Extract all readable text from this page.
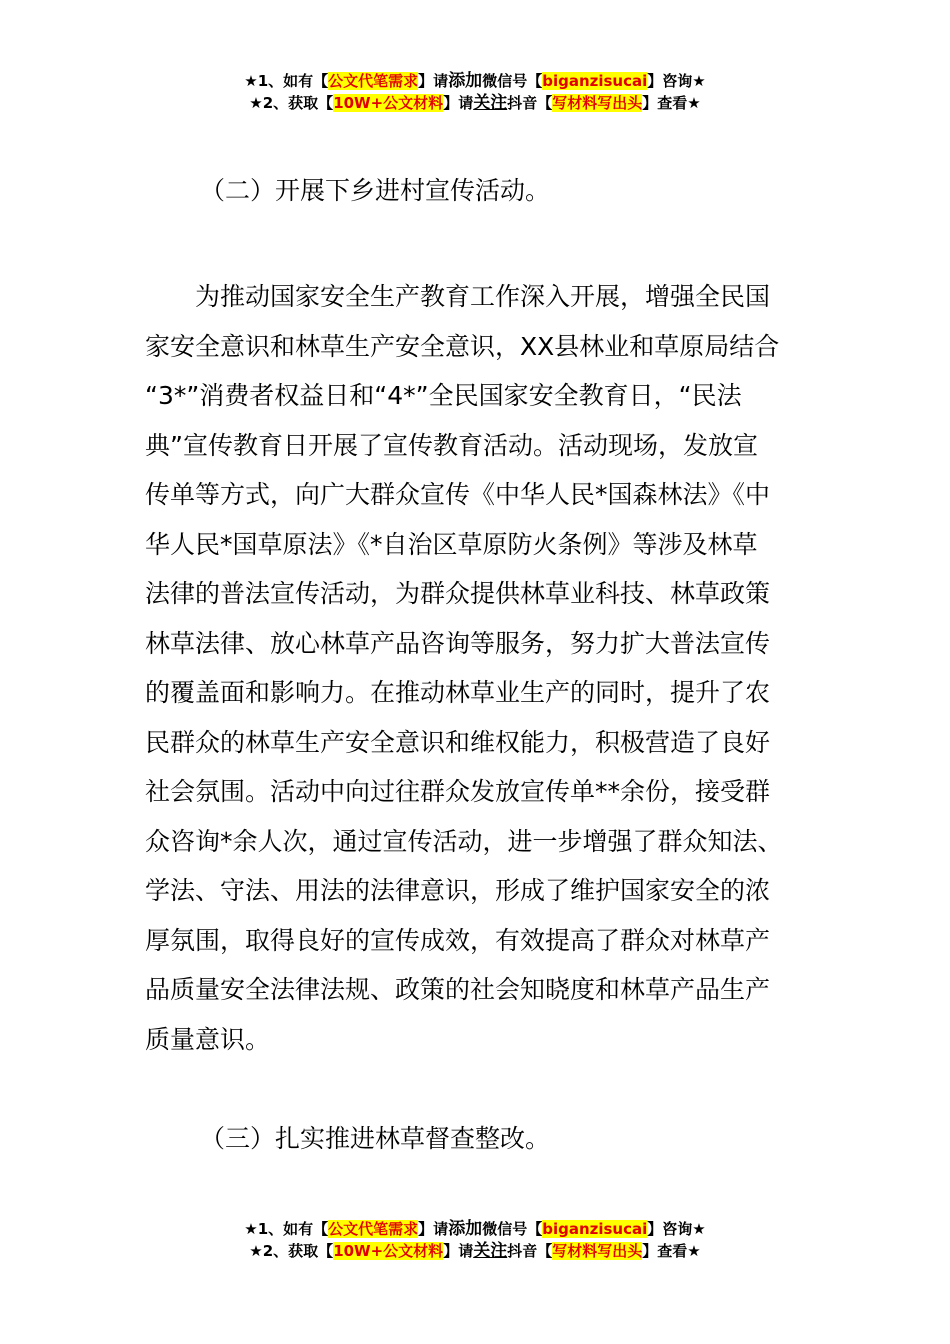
★1、如有【公文代笔需求】请添加微信号【biganzisucai】咨询★
★2、获取【10W+公文材料】请关注抖音【写材料写出头】查看★
（二）开展下乡进村宣传活动。
为推动国家安全生产教育工作深入开展，增强全民国
家安全意识和林草生产安全意识，XX县林业和草原局结合
“3*”消费者权益日和“4*”全民国家安全教育日，“民法
典”宣传教育日开展了宣传教育活动。活动现场，发放宣
传单等方式，向广大群众宣传《中华人民*国森林法》《中
华人民*国草原法》《*自治区草原防火条例》等涉及林草
法律的普法宣传活动，为群众提供林草业科技、林草政策
林草法律、放心林草产品咨询等服务，努力扩大普法宣传
的覆盖面和影响力。在推动林草业生产的同时，提升了农
民群众的林草生产安全意识和维权能力，积极营造了良好
社会氛围。活动中向过往群众发放宣传单**余份，接受群
众咨询*余人次，通过宣传活动，进一步增强了群众知法、
学法、守法、用法的法律意识，形成了维护国家安全的浓
厚氛围，取得良好的宣传成效，有效提高了群众对林草产
品质量安全法律法规、政策的社会知晓度和林草产品生产
质量意识。
（三）扎实推进林草督查整改。
★1、如有【公文代笔需求】请添加微信号【biganzisucai】咨询★
★2、获取【10W+公文材料】请关注抖音【写材料写出头】查看★
